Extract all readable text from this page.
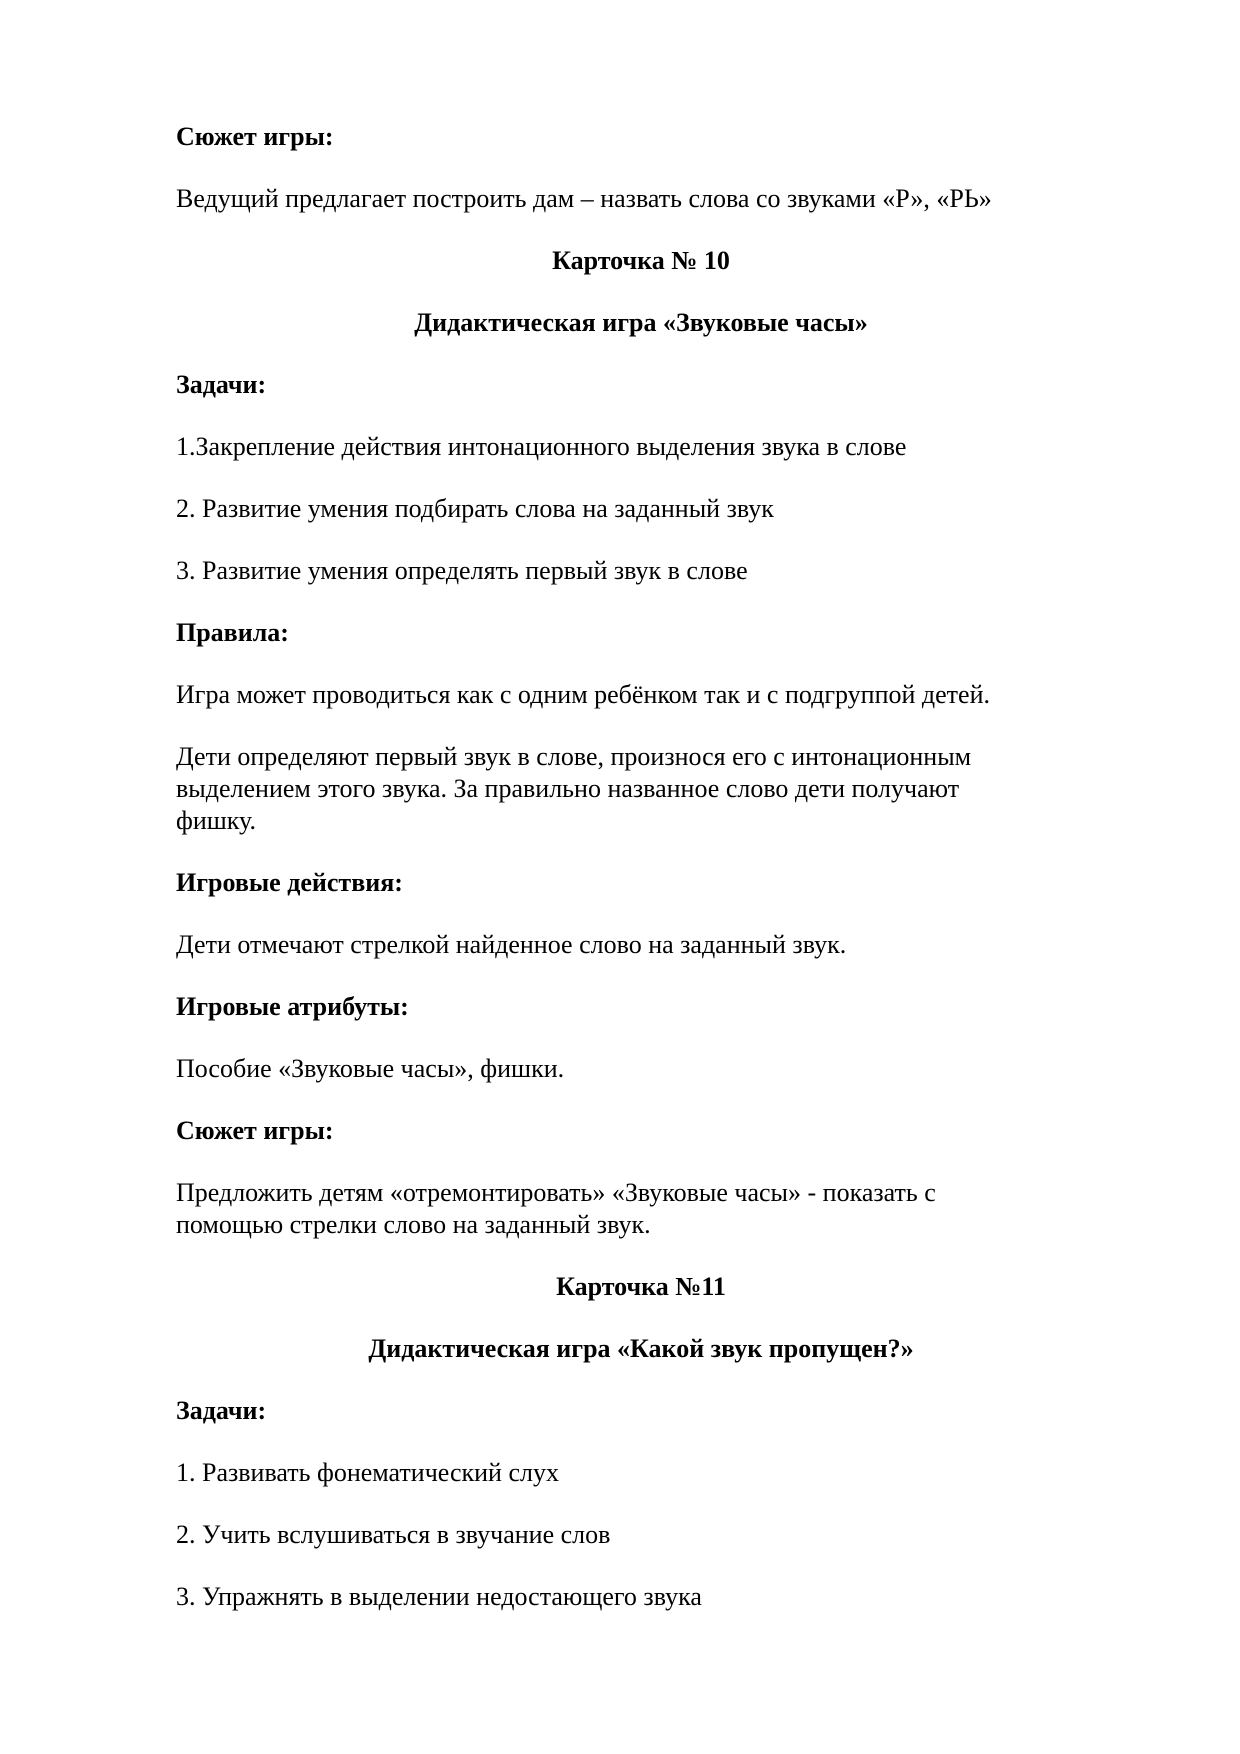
Сюжет игры:

Ведущий предлагает построить дам – назвать слова со звуками «Р», «РЬ»

Карточка № 10

Дидактическая игра «Звуковые часы»

Задачи:

1.Закрепление действия интонационного выделения звука в слове

2. Развитие умения подбирать слова на заданный звук

3. Развитие умения определять первый звук в слове

Правила:

Игра может проводиться как с одним ребёнком так и с подгруппой детей.

Дети определяют первый звук в слове, произнося его с интонационным

выделением этого звука. За правильно названное слово дети получают

фишку.

Игровые действия:

Дети отмечают стрелкой найденное слово на заданный звук.

Игровые атрибуты:

Пособие «Звуковые часы», фишки.

Сюжет игры:

Предложить детям «отремонтировать» «Звуковые часы» - показать с

помощью стрелки слово на заданный звук.

Карточка №11

Дидактическая игра «Какой звук пропущен?»

Задачи:

1. Развивать фонематический слух

2. Учить вслушиваться в звучание слов

3. Упражнять в выделении недостающего звука
